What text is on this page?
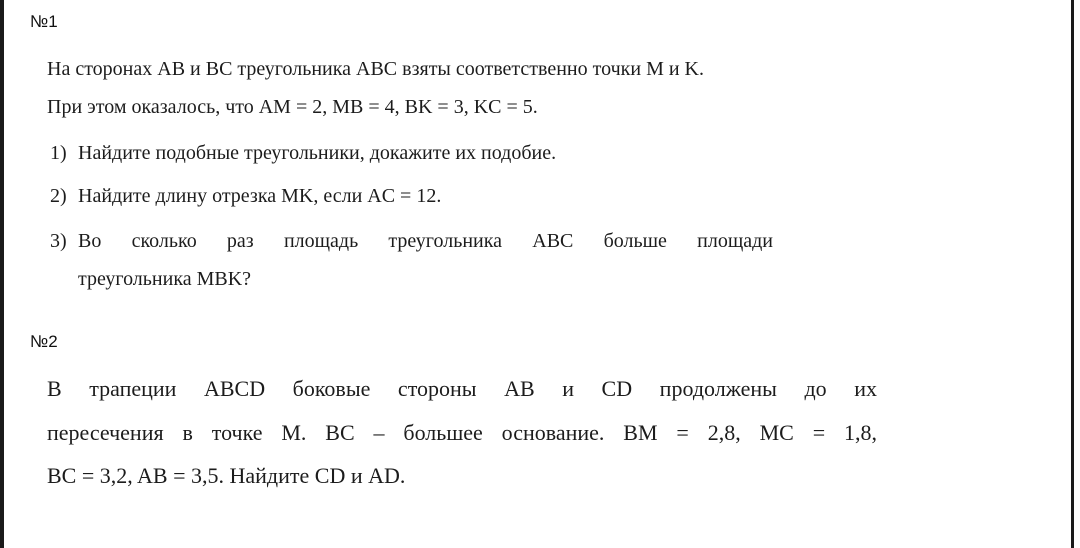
№1
На сторонах AB и BC треугольника ABC взяты соответственно точки M и K.
При этом оказалось, что AM = 2, MB = 4, BK = 3, KC = 5.
1) Найдите подобные треугольники, докажите их подобие.
2) Найдите длину отрезка MK, если AC = 12.
3) Во сколько раз площадь треугольника ABC больше площади
треугольника MBK?
№2
В трапеции ABCD боковые стороны AB и CD продолжены до их
пересечения в точке M. BC – большее основание. BM = 2,8, MC = 1,8,
BC = 3,2, AB = 3,5. Найдите CD и AD.
